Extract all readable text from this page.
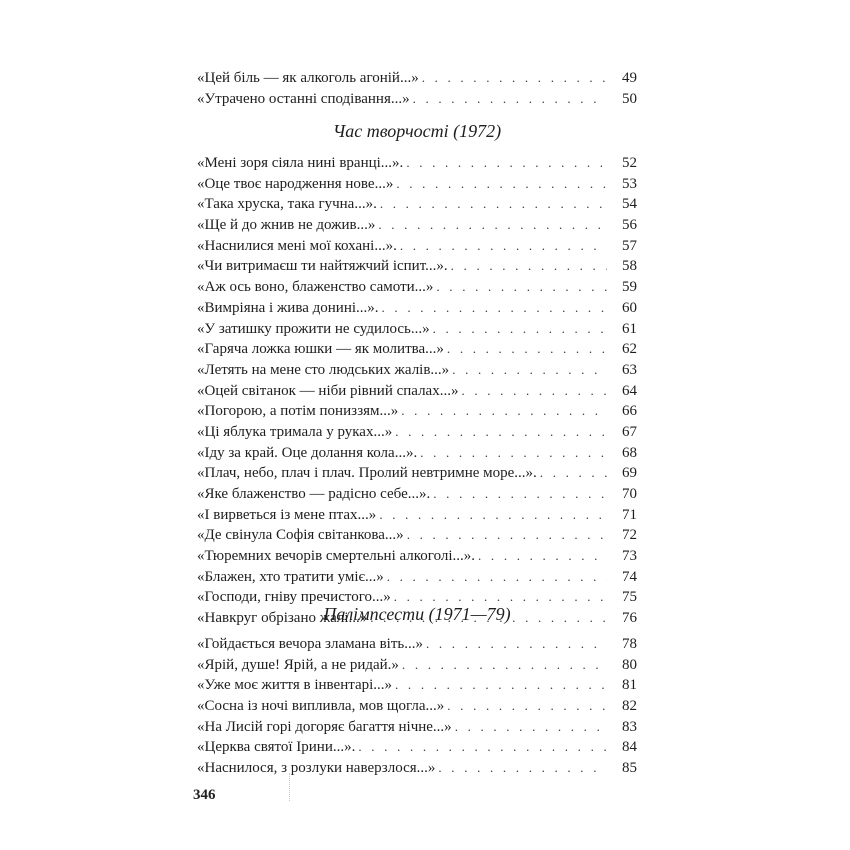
«Цей біль — як алкоголь агоній...» . . .	49
«Утрачено останні сподівання...» . . .	50
Час творчості (1972)
«Мені зоря сіяла нині вранці...». . . .	52
«Оце твоє народження нове...» . . .	53
«Така хруска, така гучна...». . . .	54
«Ще й до жнив не дожив...» . . .	56
«Наснилися мені мої кохані...». . . .	57
«Чи витримаєш ти найтяжчий іспит...». . . .	58
«Аж ось воно, блаженство самоти...» . . .	59
«Вимріяна і жива донині...». . . .	60
«У затишку прожити не судилось...» . . .	61
«Гаряча ложка юшки — як молитва...» . . .	62
«Летять на мене сто людських жалів...» . . .	63
«Оцей світанок — ніби рівний спалах...» . . .	64
«Погорою, а потім пониззям...» . . .	66
«Ці яблука тримала у руках...» . . .	67
«Іду за край. Оце долання кола...». . . .	68
«Плач, небо, плач і плач. Пролий невтримне море...». . . .	69
«Яке блаженство — радісно себе...». . . .	70
«І вирветься із мене птах...» . . .	71
«Де свінула Софія світанкова...» . . .	72
«Тюремних вечорів смертельні алкоголі...». . . .	73
«Блажен, хто тратити уміє...» . . .	74
«Господи, гніву пречистого...» . . .	75
«Навкруг обрізано жалі...» . . .	76
Палімпсести (1971—79)
«Гойдається вечора зламана віть...» . . .	78
«Ярій, душе! Ярій, а не ридай.» . . .	80
«Уже моє життя в інвентарі...» . . .	81
«Сосна із ночі випливла, мов щогла...» . . .	82
«На Лисій горі догоряє багаття нічне...» . . .	83
«Церква святої Ірини...». . . .	84
«Наснилося, з розлуки наверзлося...» . . .	85
346
